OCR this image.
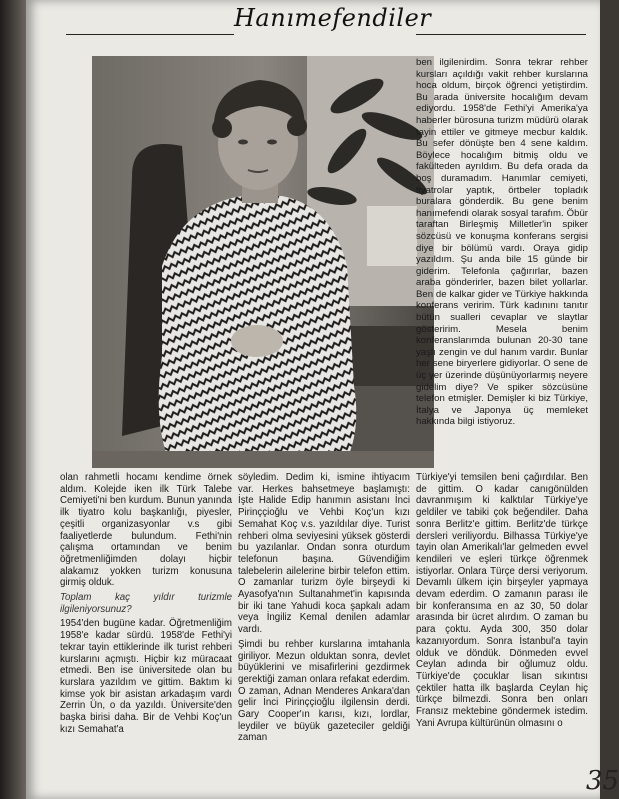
Hanımefendiler

ben ilgilenirdim. Sonra tekrar rehber kursları açıldığı vakit rehber kurslarına hoca oldum, birçok öğrenci yetiştirdim. Bu arada üniversite hocalığım devam ediyordu. 1958'de Fethi'yi Amerika'ya haberler bürosuna turizm müdürü olarak tayin ettiler ve gitmeye mecbur kaldık. Bu sefer dönüşte ben 4 sene kaldım. Böylece hocalığım bitmiş oldu ve fakülteden ayrıldım. Bu defa orada da boş duramadım. Hanımlar cemiyeti, tiyatrolar yaptık, örtbeler topladık buralara gönderdik. Bu gene benim hanımefendi olarak sosyal tarafım. Öbür taraftan Birleşmiş Milletler'in spiker sözcüsü ve konuşma konferans sergisi diye bir bölümü vardı. Oraya gidip yazıldım. Şu anda bile 15 günde bir giderim. Telefonla çağırırlar, bazen araba gönderirler, bazen bilet yollarlar. Ben de kalkar gider ve Türkiye hakkında konferans veririm. Türk kadınını tanıtır bütün sualleri cevaplar ve slaytlar gösteririm. Mesela benim konferanslarımda bulunan 20-30 tane yaşlı zengin ve dul hanım vardır. Bunlar her sene biryerlere gidiyorlar. O sene de üç yer üzerinde düşünüyorlarmış neyere gidelim diye? Ve spiker sözcüsüne telefon etmişler. Demişler ki biz Türkiye, İtalya ve Japonya üç memleket hakkında bilgi istiyoruz.

olan rahmetli hocamı kendime örnek aldım. Kolejde iken ilk Türk Talebe Cemiyeti'ni ben kurdum. Bunun yanında ilk tiyatro kolu başkanlığı, piyesler, çeşitli organizasyonlar v.s gibi faaliyetlerde bulundum. Fethi'nin çalışma ortamından ve benim öğretmenliğimden dolayı hiçbir alakamız yokken turizm konusuna girmiş olduk.

Toplam kaç yıldır turizmle ilgileniyorsunuz?

1954'den bugüne kadar. Öğretmenliğim 1958'e kadar sürdü. 1958'de Fethi'yi tekrar tayin ettiklerinde ilk turist rehberi kurslarını açmıştı. Hiçbir kız müracaat etmedi. Ben ise üniversitede olan bu kurslara yazıldım ve gittim. Baktım ki kimse yok bir asistan arkadaşım vardı Zerrin Ün, o da yazıldı. Üniversite'den başka birisi daha. Bir de Vehbi Koç'un kızı Semahat'a

söyledim. Dedim ki, ismine ihtiyacım var. Herkes bahsetmeye başlamıştı: İşte Halide Edip hanımın asistanı İnci Pirinççioğlu ve Vehbi Koç'un kızı Semahat Koç v.s. yazıldılar diye. Turist rehberi olma seviyesini yüksek gösterdi bu yazılanlar. Ondan sonra oturdum telefonun başına. Güvendiğim talebelerin ailelerine birbir telefon ettim. O zamanlar turizm öyle birşeydi ki Ayasofya'nın Sultanahmet'in kapısında bir iki tane Yahudi koca şapkalı adam veya İngiliz Kemal denilen adamlar vardı.

Şimdi bu rehber kurslarına imtahanla giriliyor. Mezun olduktan sonra, devlet büyüklerini ve misafirlerini gezdirmek gerektiği zaman onlara refakat ederdim. O zaman, Adnan Menderes Ankara'dan gelir İnci Pirinççioğlu ilgilensin derdi. Gary Cooper'ın karısı, kızı, lordlar, leydiler ve büyük gazeteciler geldiği zaman

Türkiye'yi temsilen beni çağırdılar. Ben de gittim. O kadar canıgönülden davranmışım ki kalktılar Türkiye'ye geldiler ve tabiki çok beğendiler. Daha sonra Berlitz'e gittim. Berlitz'de türkçe dersleri veriliyordu. Bilhassa Türkiye'ye tayin olan Amerikalı'lar gelmeden evvel kendileri ve eşleri türkçe öğrenmek istiyorlar. Onlara Türçe dersi veriyorum. Devamlı ülkem için birşeyler yapmaya devam ederdim. O zamanın parası ile bir konferansıma en az 30, 50 dolar arasında bir ücret alırdım. O zaman bu para çoktu. Ayda 300, 350 dolar kazanıyordum. Sonra İstanbul'a tayin olduk ve döndük. Dönmeden evvel Ceylan adında bir oğlumuz oldu. Türkiye'de çocuklar lisan sıkıntısı çektiler hatta ilk başlarda Ceylan hiç türkçe bilmezdi. Sonra ben onları Fransız mektebine göndermek istedim. Yani Avrupa kültürünün olmasını o

35
